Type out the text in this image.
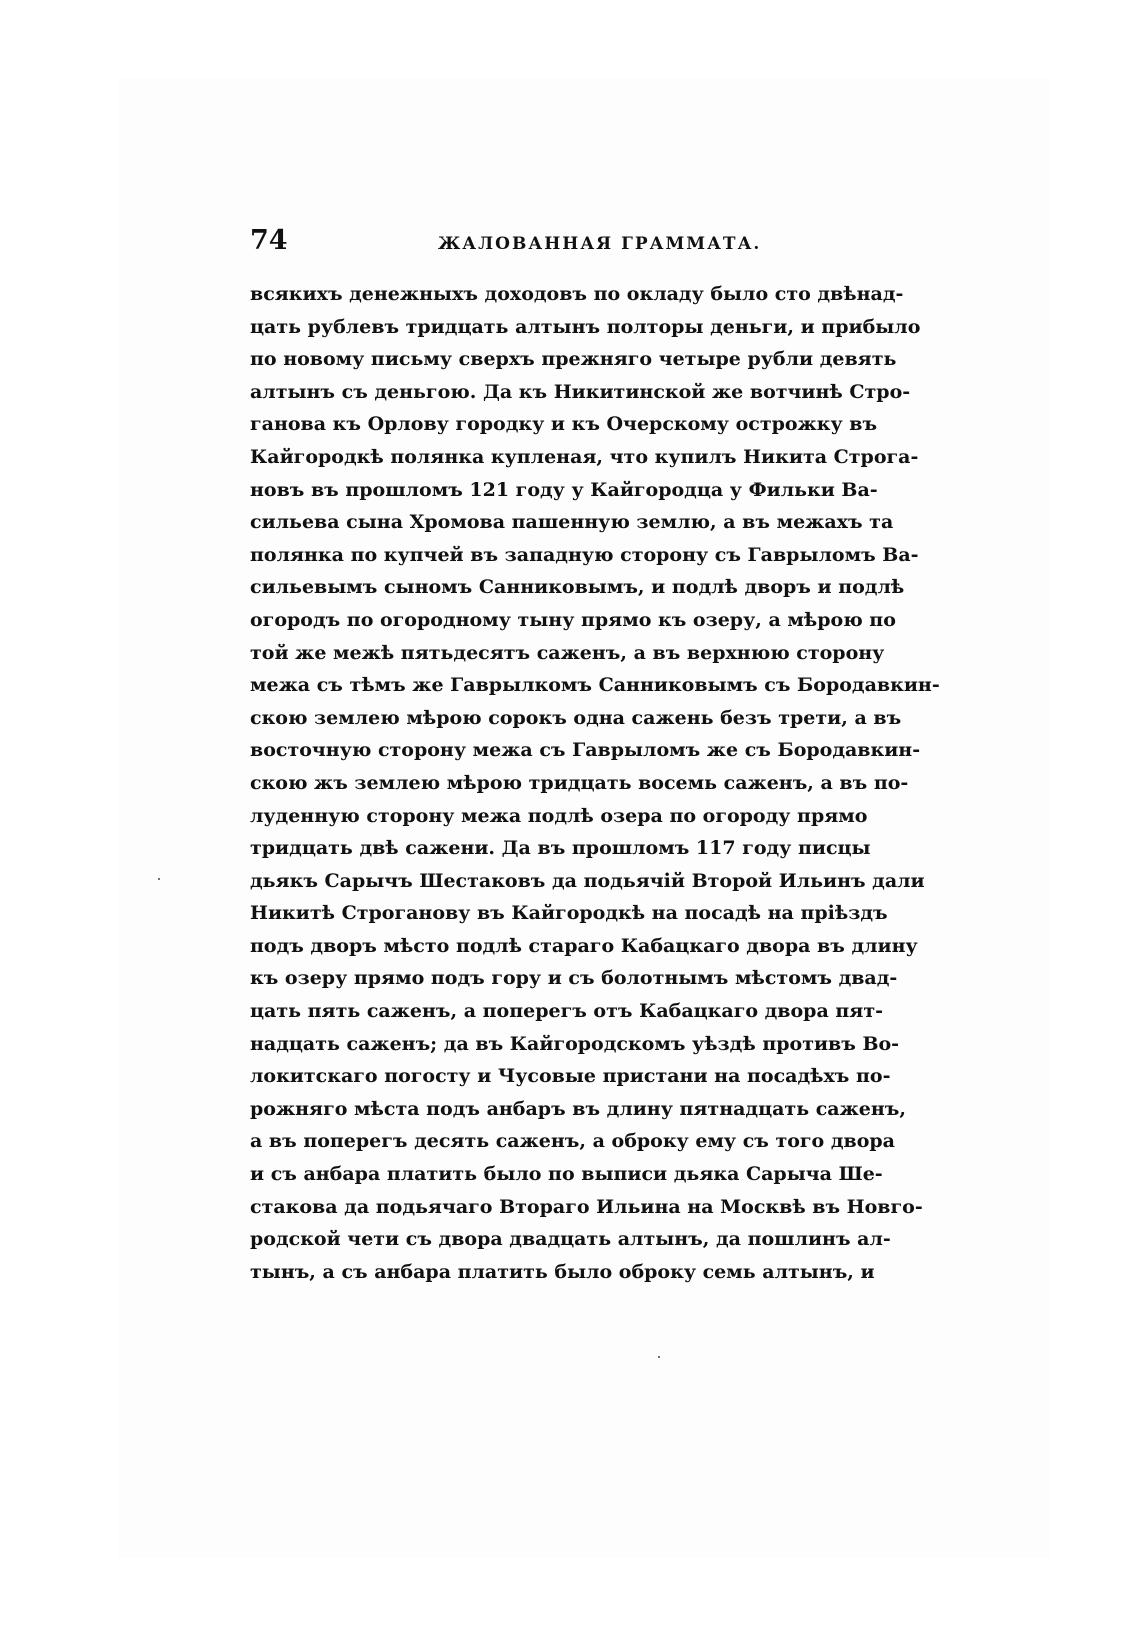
74	ЖАЛОВАННАЯ ГРАММАТА.
всякихъ денежныхъ доходовъ по окладу было сто двѣнад-
цать рублевъ тридцать алтынъ полторы деньги, и прибыло
по новому письму сверхъ прежняго четыре рубли девять
алтынъ съ деньгою. Да къ Никитинской же вотчинѣ Стро-
ганова къ Орлову городку и къ Очерскому острожку въ
Кайгородкѣ полянка купленая, что купилъ Никита Строга-
новъ въ прошломъ 121 году у Кайгородца у Фильки Ва-
сильева сына Хромова пашенную землю, а въ межахъ та
полянка по купчей въ западную сторону съ Гаврыломъ Ва-
сильевымъ сыномъ Санниковымъ, и подлѣ дворъ и подлѣ
огородъ по огородному тыну прямо къ озеру, а мѣрою по
той же межѣ пятьдесятъ саженъ, а въ верхнюю сторону
межа съ тѣмъ же Гаврылкомъ Санниковымъ съ Бородавкин-
скою землею мѣрою сорокъ одна сажень безъ трети, а въ
восточную сторону межа съ Гаврыломъ же съ Бородавкин-
скою жъ землею мѣрою тридцать восемь саженъ, а въ по-
луденную сторону межа подлѣ озера по огороду прямо
тридцать двѣ сажени. Да въ прошломъ 117 году писцы
дьякъ Сарычъ Шестаковъ да подьячій Второй Ильинъ дали
Никитѣ Строганову въ Кайгородкѣ на посадѣ на пріѣздъ
подъ дворъ мѣсто подлѣ стараго Кабацкаго двора въ длину
къ озеру прямо подъ гору и съ болотнымъ мѣстомъ двад-
цать пять саженъ, а поперегъ отъ Кабацкаго двора пят-
надцать саженъ; да въ Кайгородскомъ уѣздѣ противъ Во-
локитскаго погосту и Чусовые пристани на посадѣхъ по-
рожняго мѣста подъ анбаръ въ длину пятнадцать саженъ,
а въ поперегъ десять саженъ, а оброку ему съ того двора
и съ анбара платить было по выписи дьяка Сарыча Ше-
стакова да подьячаго Втораго Ильина на Москвѣ въ Новго-
родской чети съ двора двадцать алтынъ, да пошлинъ ал-
тынъ, а съ анбара платить было оброку семь алтынъ, и
